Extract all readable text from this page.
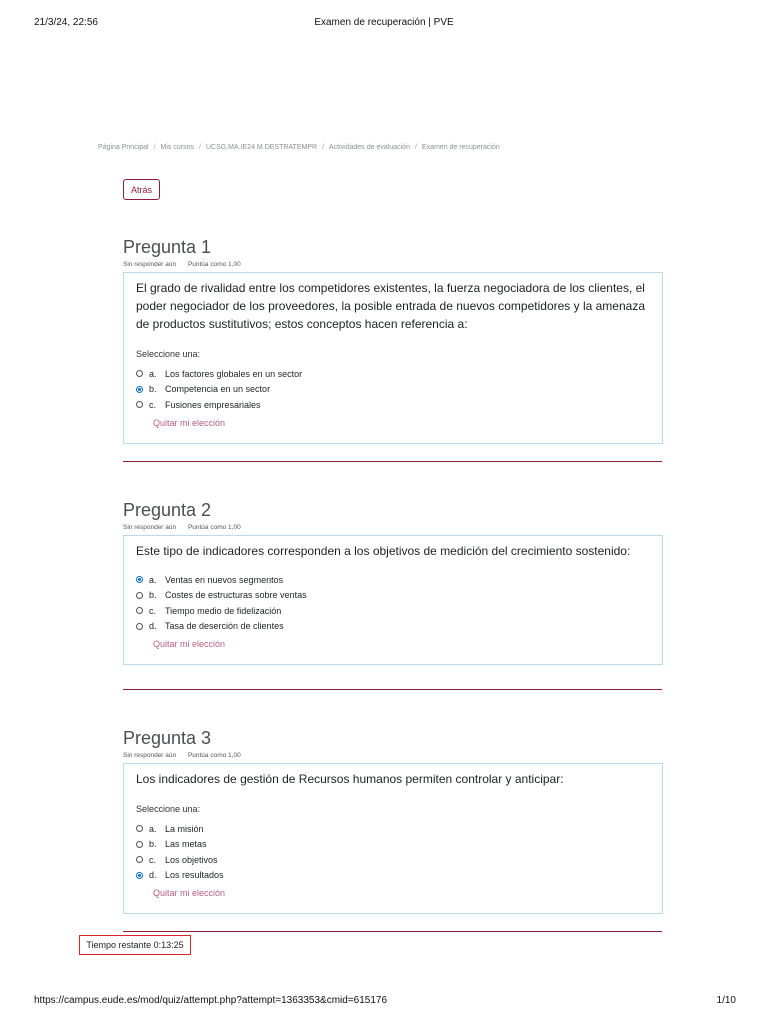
21/3/24, 22:56	Examen de recuperación | PVE
Página Principal / Mis cursos / UCSG.MA.IE24.M.DESTRATEMPR / Actividades de evaluación / Examen de recuperación
Atrás
Pregunta 1
Sin responder aún Puntúa como 1,00

El grado de rivalidad entre los competidores existentes, la fuerza negociadora de los clientes, el poder negociador de los proveedores, la posible entrada de nuevos competidores y la amenaza de productos sustitutivos; estos conceptos hacen referencia a:

Seleccione una:
a. Los factores globales en un sector
b. Competencia en un sector
c. Fusiones empresariales
Quitar mi elección
Pregunta 2
Sin responder aún Puntúa como 1,00

Este tipo de indicadores corresponden a los objetivos de medición del crecimiento sostenido:

a. Ventas en nuevos segmentos
b. Costes de estructuras sobre ventas
c. Tiempo medio de fidelización
d. Tasa de deserción de clientes
Quitar mi elección
Pregunta 3
Sin responder aún Puntúa como 1,00

Los indicadores de gestión de Recursos humanos permiten controlar y anticipar:

Seleccione una:
a. La misión
b. Las metas
c. Los objetivos
d. Los resultados
Quitar mi elección
Tiempo restante
0:13:25
https://campus.eude.es/mod/quiz/attempt.php?attempt=1363353&cmid=615176	1/10
